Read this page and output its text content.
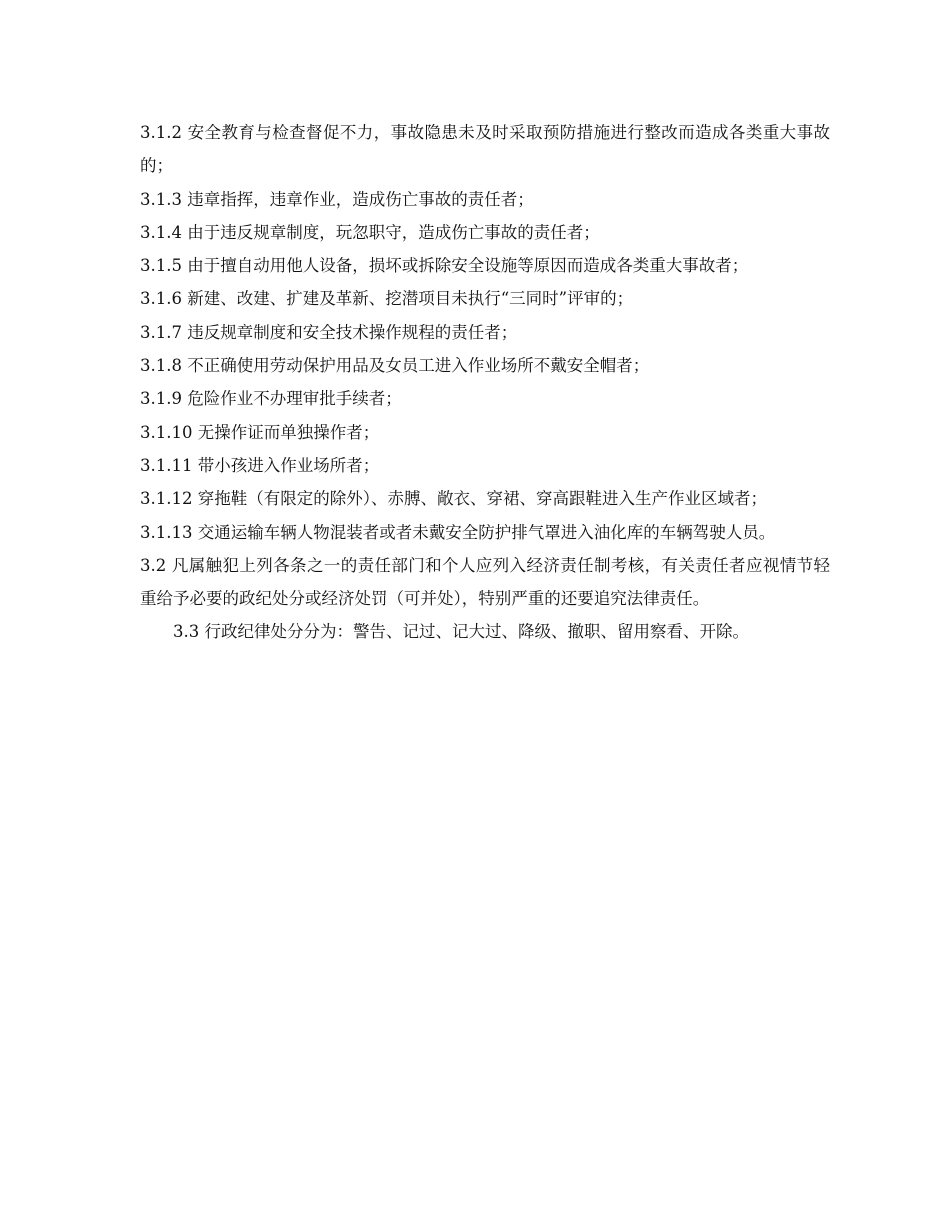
3.1.2 安全教育与检查督促不力，事故隐患未及时采取预防措施进行整改而造成各类重大事故的；

3.1.3 违章指挥，违章作业，造成伤亡事故的责任者；

3.1.4 由于违反规章制度，玩忽职守，造成伤亡事故的责任者；

3.1.5 由于擅自动用他人设备，损坏或拆除安全设施等原因而造成各类重大事故者；

3.1.6 新建、改建、扩建及革新、挖潜项目未执行“三同时”评审的；

3.1.7 违反规章制度和安全技术操作规程的责任者；

3.1.8 不正确使用劳动保护用品及女员工进入作业场所不戴安全帽者；

3.1.9 危险作业不办理审批手续者；

3.1.10 无操作证而单独操作者；

3.1.11 带小孩进入作业场所者；

3.1.12 穿拖鞋（有限定的除外）、赤膊、敞衣、穿裙、穿高跟鞋进入生产作业区域者；

3.1.13 交通运输车辆人物混装者或者未戴安全防护排气罩进入油化库的车辆驾驶人员。

3.2 凡属触犯上列各条之一的责任部门和个人应列入经济责任制考核，有关责任者应视情节轻重给予必要的政纪处分或经济处罚（可并处），特别严重的还要追究法律责任。

3.3 行政纪律处分分为：警告、记过、记大过、降级、撤职、留用察看、开除。
